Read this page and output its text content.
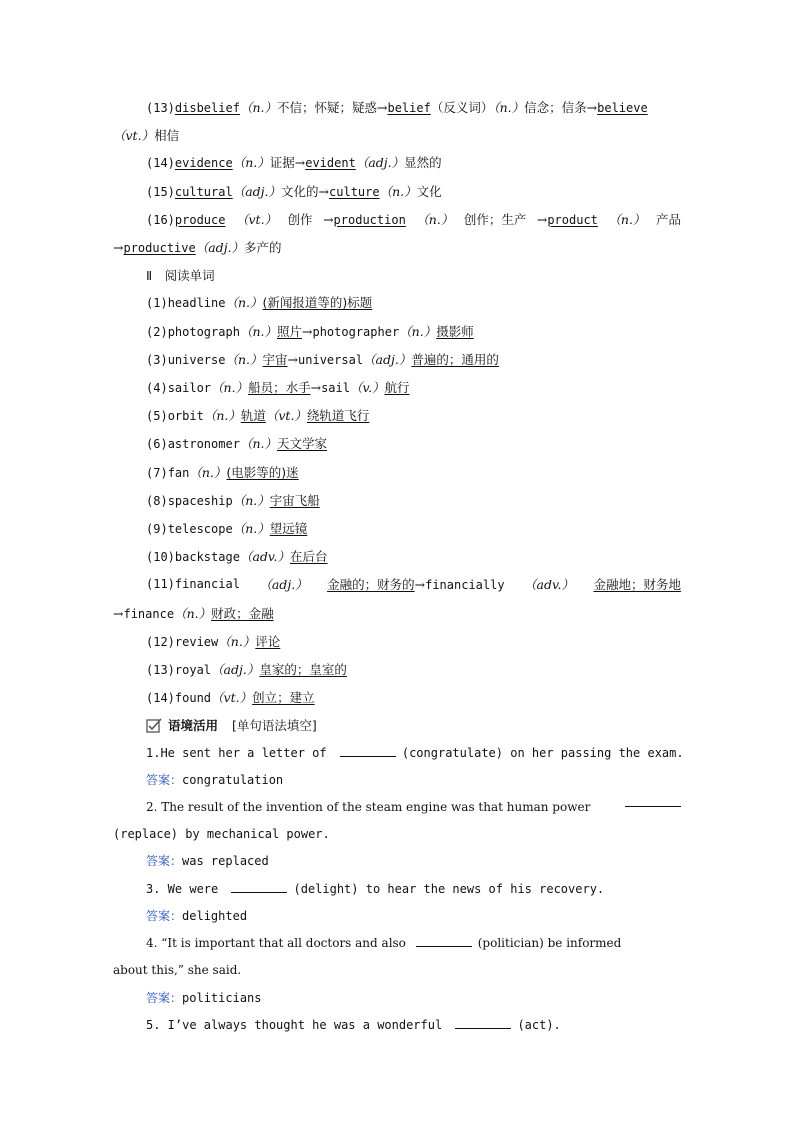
(13)disbelief（n.）不信；怀疑；疑惑→belief（反义词）（n.）信念；信条→believe
（vt.）相信
(14)evidence（n.）证据→evident（adj.）显然的
(15)cultural（adj.）文化的→culture（n.）文化
(16)produce （vt.） 创作 →production （n.） 创作；生产 →product （n.） 产品
→productive（adj.）多产的
Ⅱ　阅读单词
(1)headline（n.）(新闻报道等的)标题
(2)photograph（n.）照片→photographer（n.）摄影师
(3)universe（n.）宇宙→universal（adj.）普遍的；通用的
(4)sailor（n.）船员；水手→sail（v.）航行
(5)orbit（n.）轨道（vt.）绕轨道飞行
(6)astronomer（n.）天文学家
(7)fan（n.）(电影等的)迷
(8)spaceship（n.）宇宙飞船
(9)telescope（n.）望远镜
(10)backstage（adv.）在后台
(11)financial （adj.） 金融的；财务的→financially （adv.） 金融地；财务地
→finance（n.）财政；金融
(12)review（n.）评论
(13)royal（adj.）皇家的；皇室的
(14)found（vt.）创立；建立
语境活用 [单句语法填空]
1.He sent her a letter of	(congratulate) on her passing the exam.
答案：congratulation
2. The result of the invention of the steam engine was that human power
(replace) by mechanical power.
答案：was replaced
3. We were	(delight) to hear the news of his recovery.
答案：delighted
4. “It is important that all doctors and also	(politician) be informed
about this,” she said.
答案：politicians
5. I’ve always thought he was a wonderful	(act).
